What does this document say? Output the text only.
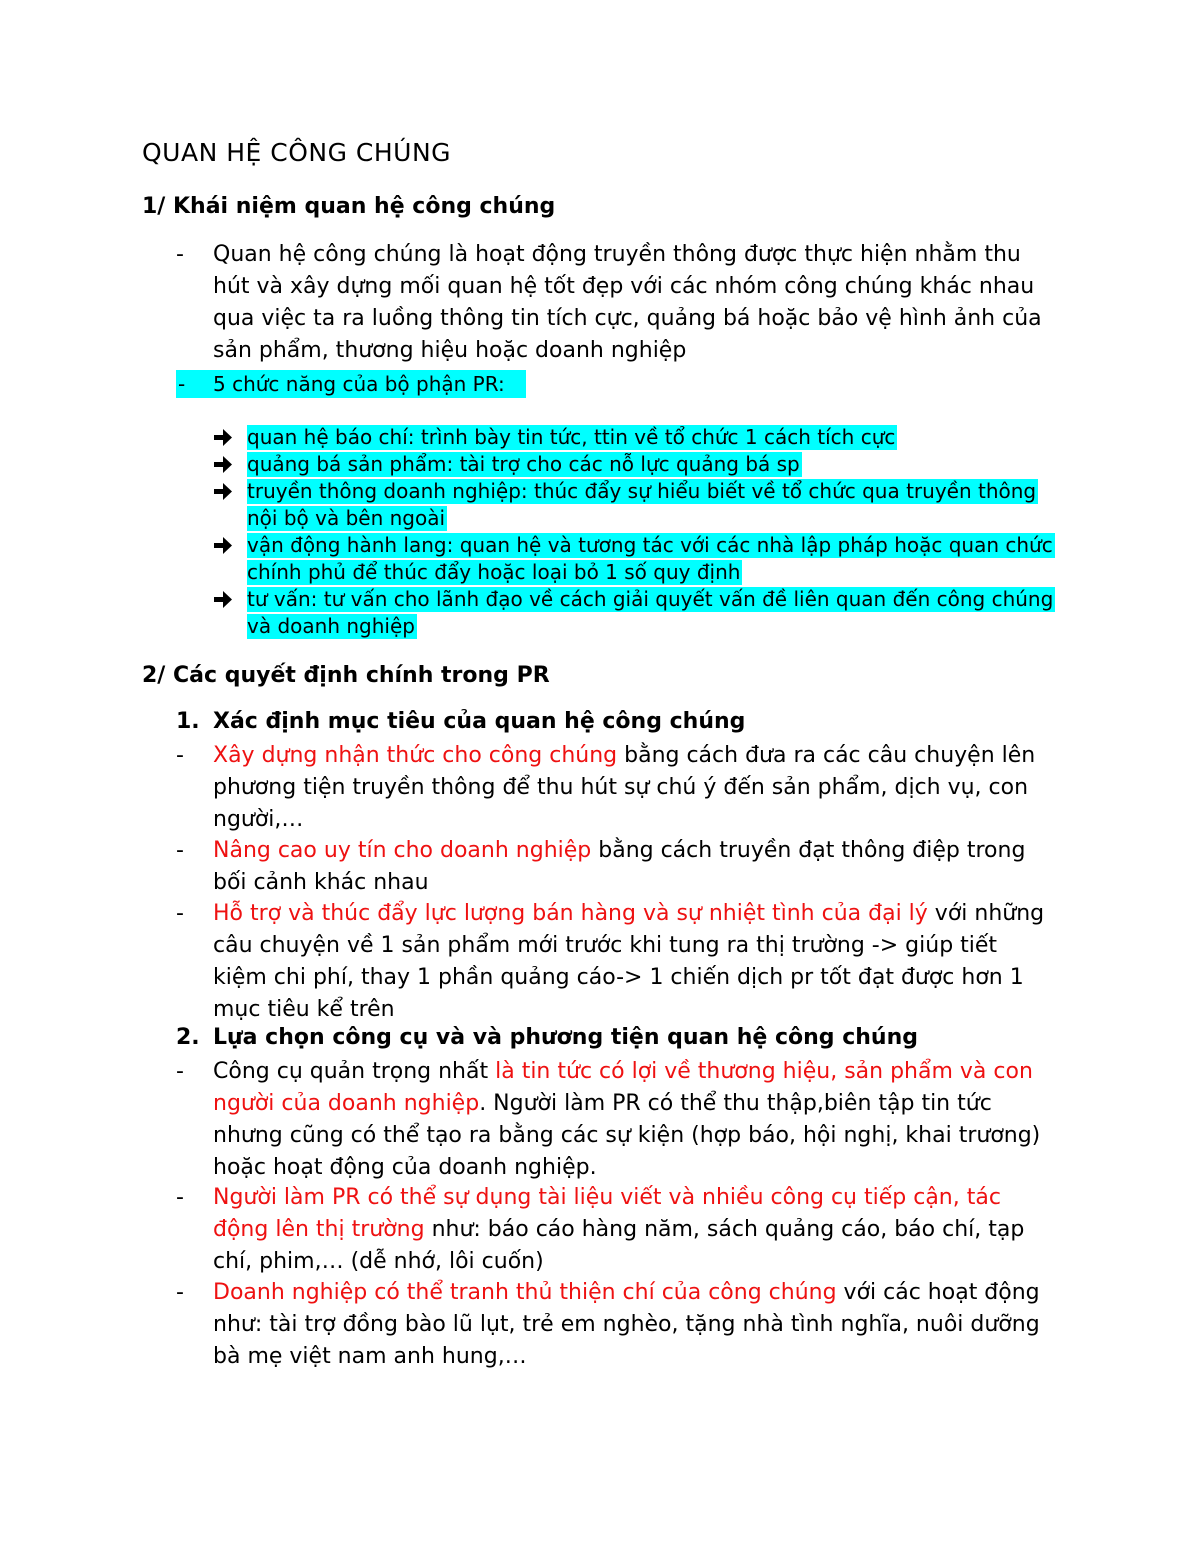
QUAN HỆ CÔNG CHÚNG
1/ Khái niệm quan hệ công chúng
- Quan hệ công chúng là hoạt động truyền thông được thực hiện nhằm thu hút và xây dựng mối quan hệ tốt đẹp với các nhóm công chúng khác nhau qua việc ta ra luồng thông tin tích cực, quảng bá hoặc bảo vệ hình ảnh của sản phẩm, thương hiệu hoặc doanh nghiệp
- 5 chức năng của bộ phận PR:
quan hệ báo chí: trình bày tin tức, ttin về tổ chức 1 cách tích cực
quảng bá sản phẩm: tài trợ cho các nỗ lực quảng bá sp
truyền thông doanh nghiệp: thúc đẩy sự hiểu biết về tổ chức qua truyền thông nội bộ và bên ngoài
vận động hành lang: quan hệ và tương tác với các nhà lập pháp hoặc quan chức chính phủ để thúc đẩy hoặc loại bỏ 1 số quy định
tư vấn: tư vấn cho lãnh đạo về cách giải quyết vấn đề liên quan đến công chúng và doanh nghiệp
2/ Các quyết định chính trong PR
1. Xác định mục tiêu của quan hệ công chúng
- Xây dựng nhận thức cho công chúng bằng cách đưa ra các câu chuyện lên phương tiện truyền thông để thu hút sự chú ý đến sản phẩm, dịch vụ, con người,…
- Nâng cao uy tín cho doanh nghiệp bằng cách truyền đạt thông điệp trong bối cảnh khác nhau
- Hỗ trợ và thúc đẩy lực lượng bán hàng và sự nhiệt tình của đại lý với những câu chuyện về 1 sản phẩm mới trước khi tung ra thị trường -> giúp tiết kiệm chi phí, thay 1 phần quảng cáo-> 1 chiến dịch pr tốt đạt được hơn 1 mục tiêu kể trên
2. Lựa chọn công cụ và và phương tiện quan hệ công chúng
- Công cụ quản trọng nhất là tin tức có lợi về thương hiệu, sản phẩm và con người của doanh nghiệp. Người làm PR có thể thu thập,biên tập tin tức nhưng cũng có thể tạo ra bằng các sự kiện (hợp báo, hội nghị, khai trương) hoặc hoạt động của doanh nghiệp.
- Người làm PR có thể sự dụng tài liệu viết và nhiều công cụ tiếp cận, tác động lên thị trường như: báo cáo hàng năm, sách quảng cáo, báo chí, tạp chí, phim,… (dễ nhớ, lôi cuốn)
- Doanh nghiệp có thể tranh thủ thiện chí của công chúng với các hoạt động như: tài trợ đồng bào lũ lụt, trẻ em nghèo, tặng nhà tình nghĩa, nuôi dưỡng bà mẹ việt nam anh hung,…
